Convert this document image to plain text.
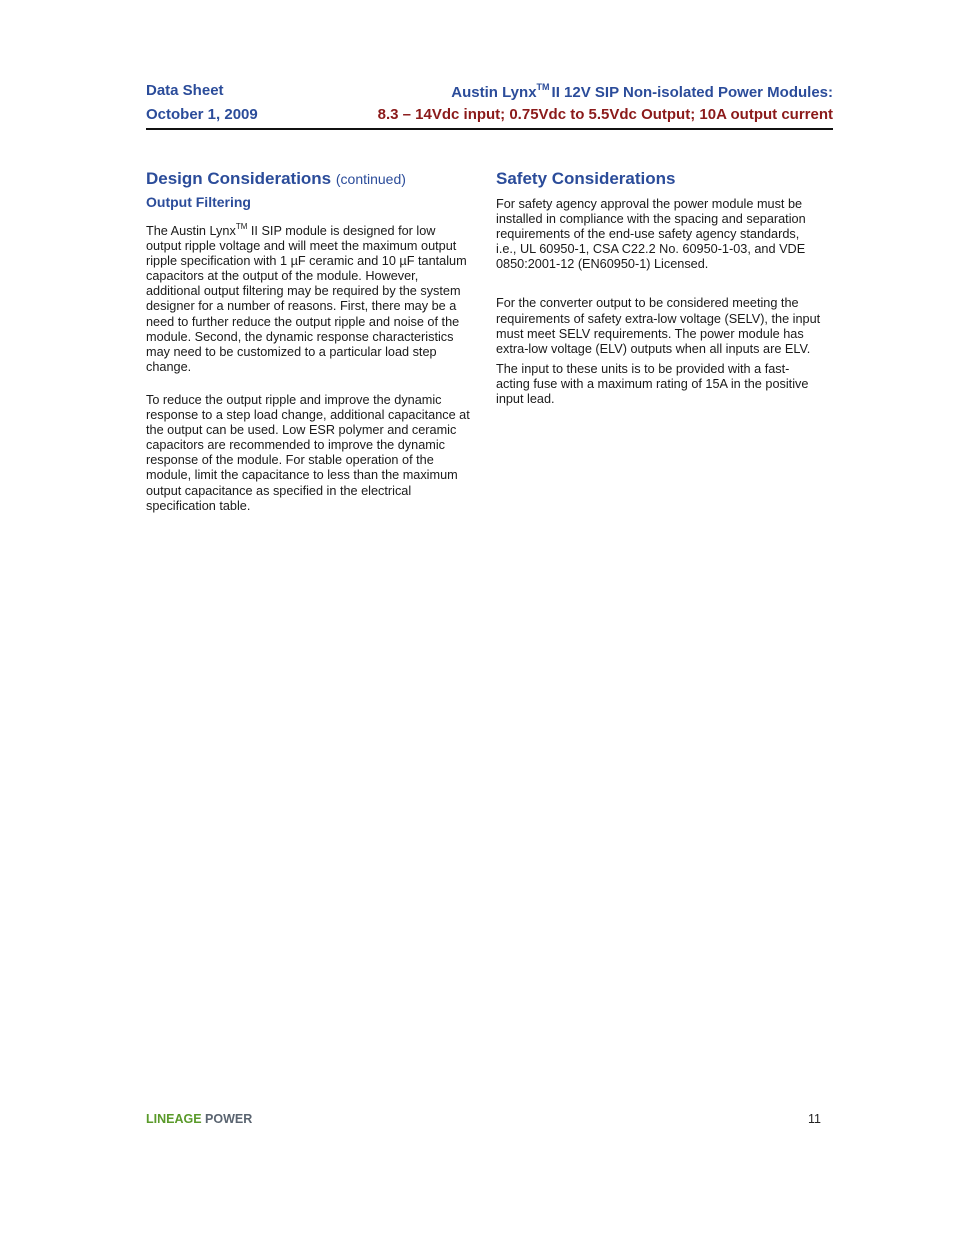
Data Sheet	Austin Lynx™ II 12V SIP Non-isolated Power Modules:
October 1, 2009	8.3 – 14Vdc input; 0.75Vdc to 5.5Vdc Output; 10A output current
Design Considerations (continued)
Output Filtering

The Austin Lynx™ II SIP module is designed for low output ripple voltage and will meet the maximum output ripple specification with 1 µF ceramic and 10 µF tantalum capacitors at the output of the module. However, additional output filtering may be required by the system designer for a number of reasons. First, there may be a need to further reduce the output ripple and noise of the module. Second, the dynamic response characteristics may need to be customized to a particular load step change.

To reduce the output ripple and improve the dynamic response to a step load change, additional capacitance at the output can be used. Low ESR polymer and ceramic capacitors are recommended to improve the dynamic response of the module. For stable operation of the module, limit the capacitance to less than the maximum output capacitance as specified in the electrical specification table.

Safety Considerations

For safety agency approval the power module must be installed in compliance with the spacing and separation requirements of the end-use safety agency standards, i.e., UL 60950-1, CSA C22.2 No. 60950-1-03, and VDE 0850:2001-12 (EN60950-1) Licensed.

For the converter output to be considered meeting the requirements of safety extra-low voltage (SELV), the input must meet SELV requirements. The power module has extra-low voltage (ELV) outputs when all inputs are ELV.

The input to these units is to be provided with a fast-acting fuse with a maximum rating of 15A in the positive input lead.

LINEAGE POWER	11
